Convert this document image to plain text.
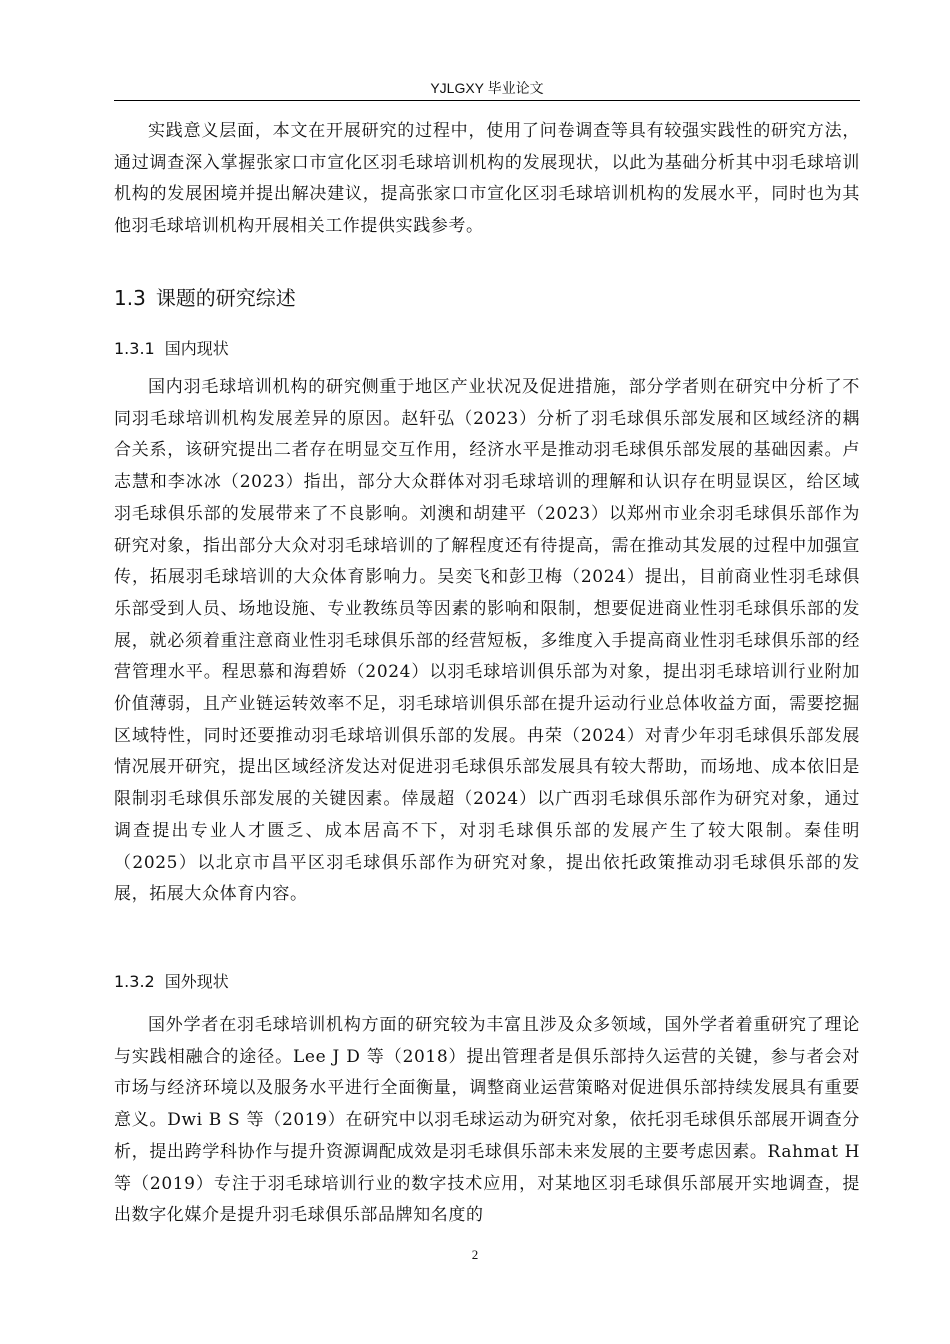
YJLGXY 毕业论文

实践意义层面，本文在开展研究的过程中，使用了问卷调查等具有较强实践性的研究方法，通过调查深入掌握张家口市宣化区羽毛球培训机构的发展现状，以此为基础分析其中羽毛球培训机构的发展困境并提出解决建议，提高张家口市宣化区羽毛球培训机构的发展水平，同时也为其他羽毛球培训机构开展相关工作提供实践参考。

1.3 课题的研究综述
1.3.1 国内现状

国内羽毛球培训机构的研究侧重于地区产业状况及促进措施，部分学者则在研究中分析了不同羽毛球培训机构发展差异的原因。赵轩弘（2023）分析了羽毛球俱乐部发展和区域经济的耦合关系，该研究提出二者存在明显交互作用，经济水平是推动羽毛球俱乐部发展的基础因素。卢志慧和李冰冰（2023）指出，部分大众群体对羽毛球培训的理解和认识存在明显误区，给区域羽毛球俱乐部的发展带来了不良影响。刘澳和胡建平（2023）以郑州市业余羽毛球俱乐部作为研究对象，指出部分大众对羽毛球培训的了解程度还有待提高，需在推动其发展的过程中加强宣传，拓展羽毛球培训的大众体育影响力。吴奕飞和彭卫梅（2024）提出，目前商业性羽毛球俱乐部受到人员、场地设施、专业教练员等因素的影响和限制，想要促进商业性羽毛球俱乐部的发展，就必须着重注意商业性羽毛球俱乐部的经营短板，多维度入手提高商业性羽毛球俱乐部的经营管理水平。程思慕和海碧娇（2024）以羽毛球培训俱乐部为对象，提出羽毛球培训行业附加价值薄弱，且产业链运转效率不足，羽毛球培训俱乐部在提升运动行业总体收益方面，需要挖掘区域特性，同时还要推动羽毛球培训俱乐部的发展。冉荣（2024）对青少年羽毛球俱乐部发展情况展开研究，提出区域经济发达对促进羽毛球俱乐部发展具有较大帮助，而场地、成本依旧是限制羽毛球俱乐部发展的关键因素。倖晟超（2024）以广西羽毛球俱乐部作为研究对象，通过调查提出专业人才匮乏、成本居高不下，对羽毛球俱乐部的发展产生了较大限制。秦佳明（2025）以北京市昌平区羽毛球俱乐部作为研究对象，提出依托政策推动羽毛球俱乐部的发展，拓展大众体育内容。

1.3.2 国外现状

国外学者在羽毛球培训机构方面的研究较为丰富且涉及众多领域，国外学者着重研究了理论与实践相融合的途径。Lee J D 等（2018）提出管理者是俱乐部持久运营的关键，参与者会对市场与经济环境以及服务水平进行全面衡量，调整商业运营策略对促进俱乐部持续发展具有重要意义。Dwi B S 等（2019）在研究中以羽毛球运动为研究对象，依托羽毛球俱乐部展开调查分析，提出跨学科协作与提升资源调配成效是羽毛球俱乐部未来发展的主要考虑因素。Rahmat H 等（2019）专注于羽毛球培训行业的数字技术应用，对某地区羽毛球俱乐部展开实地调查，提出数字化媒介是提升羽毛球俱乐部品牌知名度的

2
